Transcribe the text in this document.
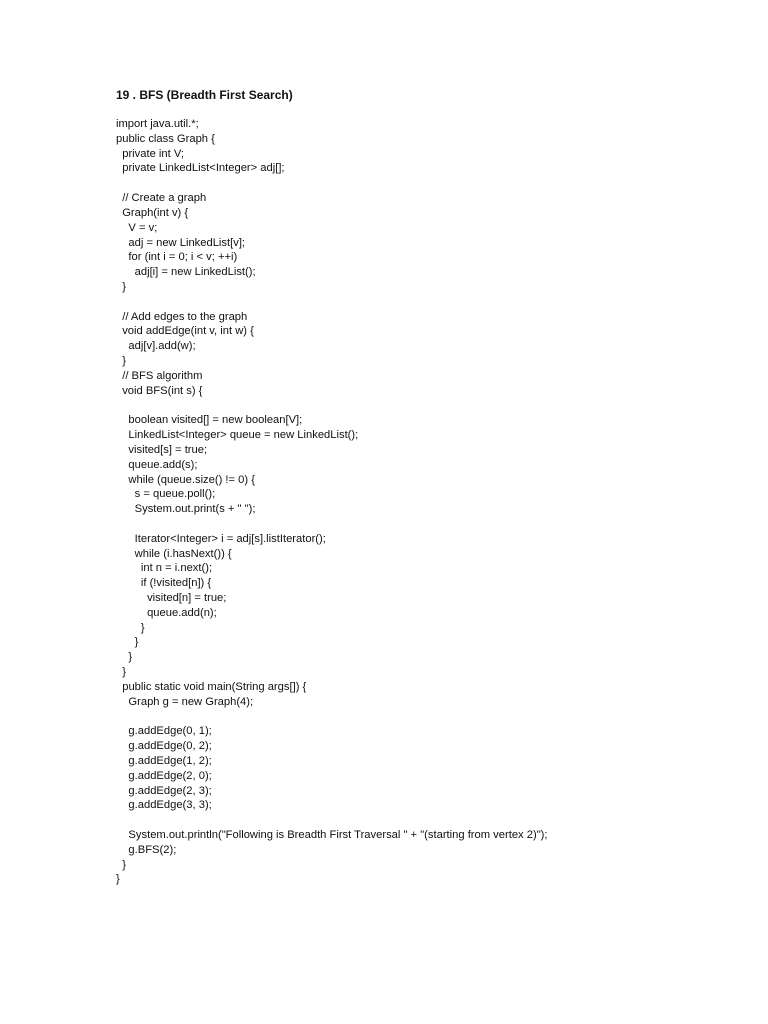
19 . BFS (Breadth First Search)
import java.util.*;
public class Graph {
private int V;
private LinkedList<Integer> adj[];
// Create a graph
Graph(int v) {
V = v;
adj = new LinkedList[v];
for (int i = 0; i < v; ++i)
adj[i] = new LinkedList();
}
// Add edges to the graph
void addEdge(int v, int w) {
adj[v].add(w);
}
// BFS algorithm
void BFS(int s) {
boolean visited[] = new boolean[V];
LinkedList<Integer> queue = new LinkedList();
visited[s] = true;
queue.add(s);
while (queue.size() != 0) {
s = queue.poll();
System.out.print(s + " ");
Iterator<Integer> i = adj[s].listIterator();
while (i.hasNext()) {
int n = i.next();
if (!visited[n]) {
visited[n] = true;
queue.add(n);
}
}
}
}
public static void main(String args[]) {
Graph g = new Graph(4);
g.addEdge(0, 1);
g.addEdge(0, 2);
g.addEdge(1, 2);
g.addEdge(2, 0);
g.addEdge(2, 3);
g.addEdge(3, 3);
System.out.println("Following is Breadth First Traversal " + "(starting from vertex 2)");
g.BFS(2);
}
}
